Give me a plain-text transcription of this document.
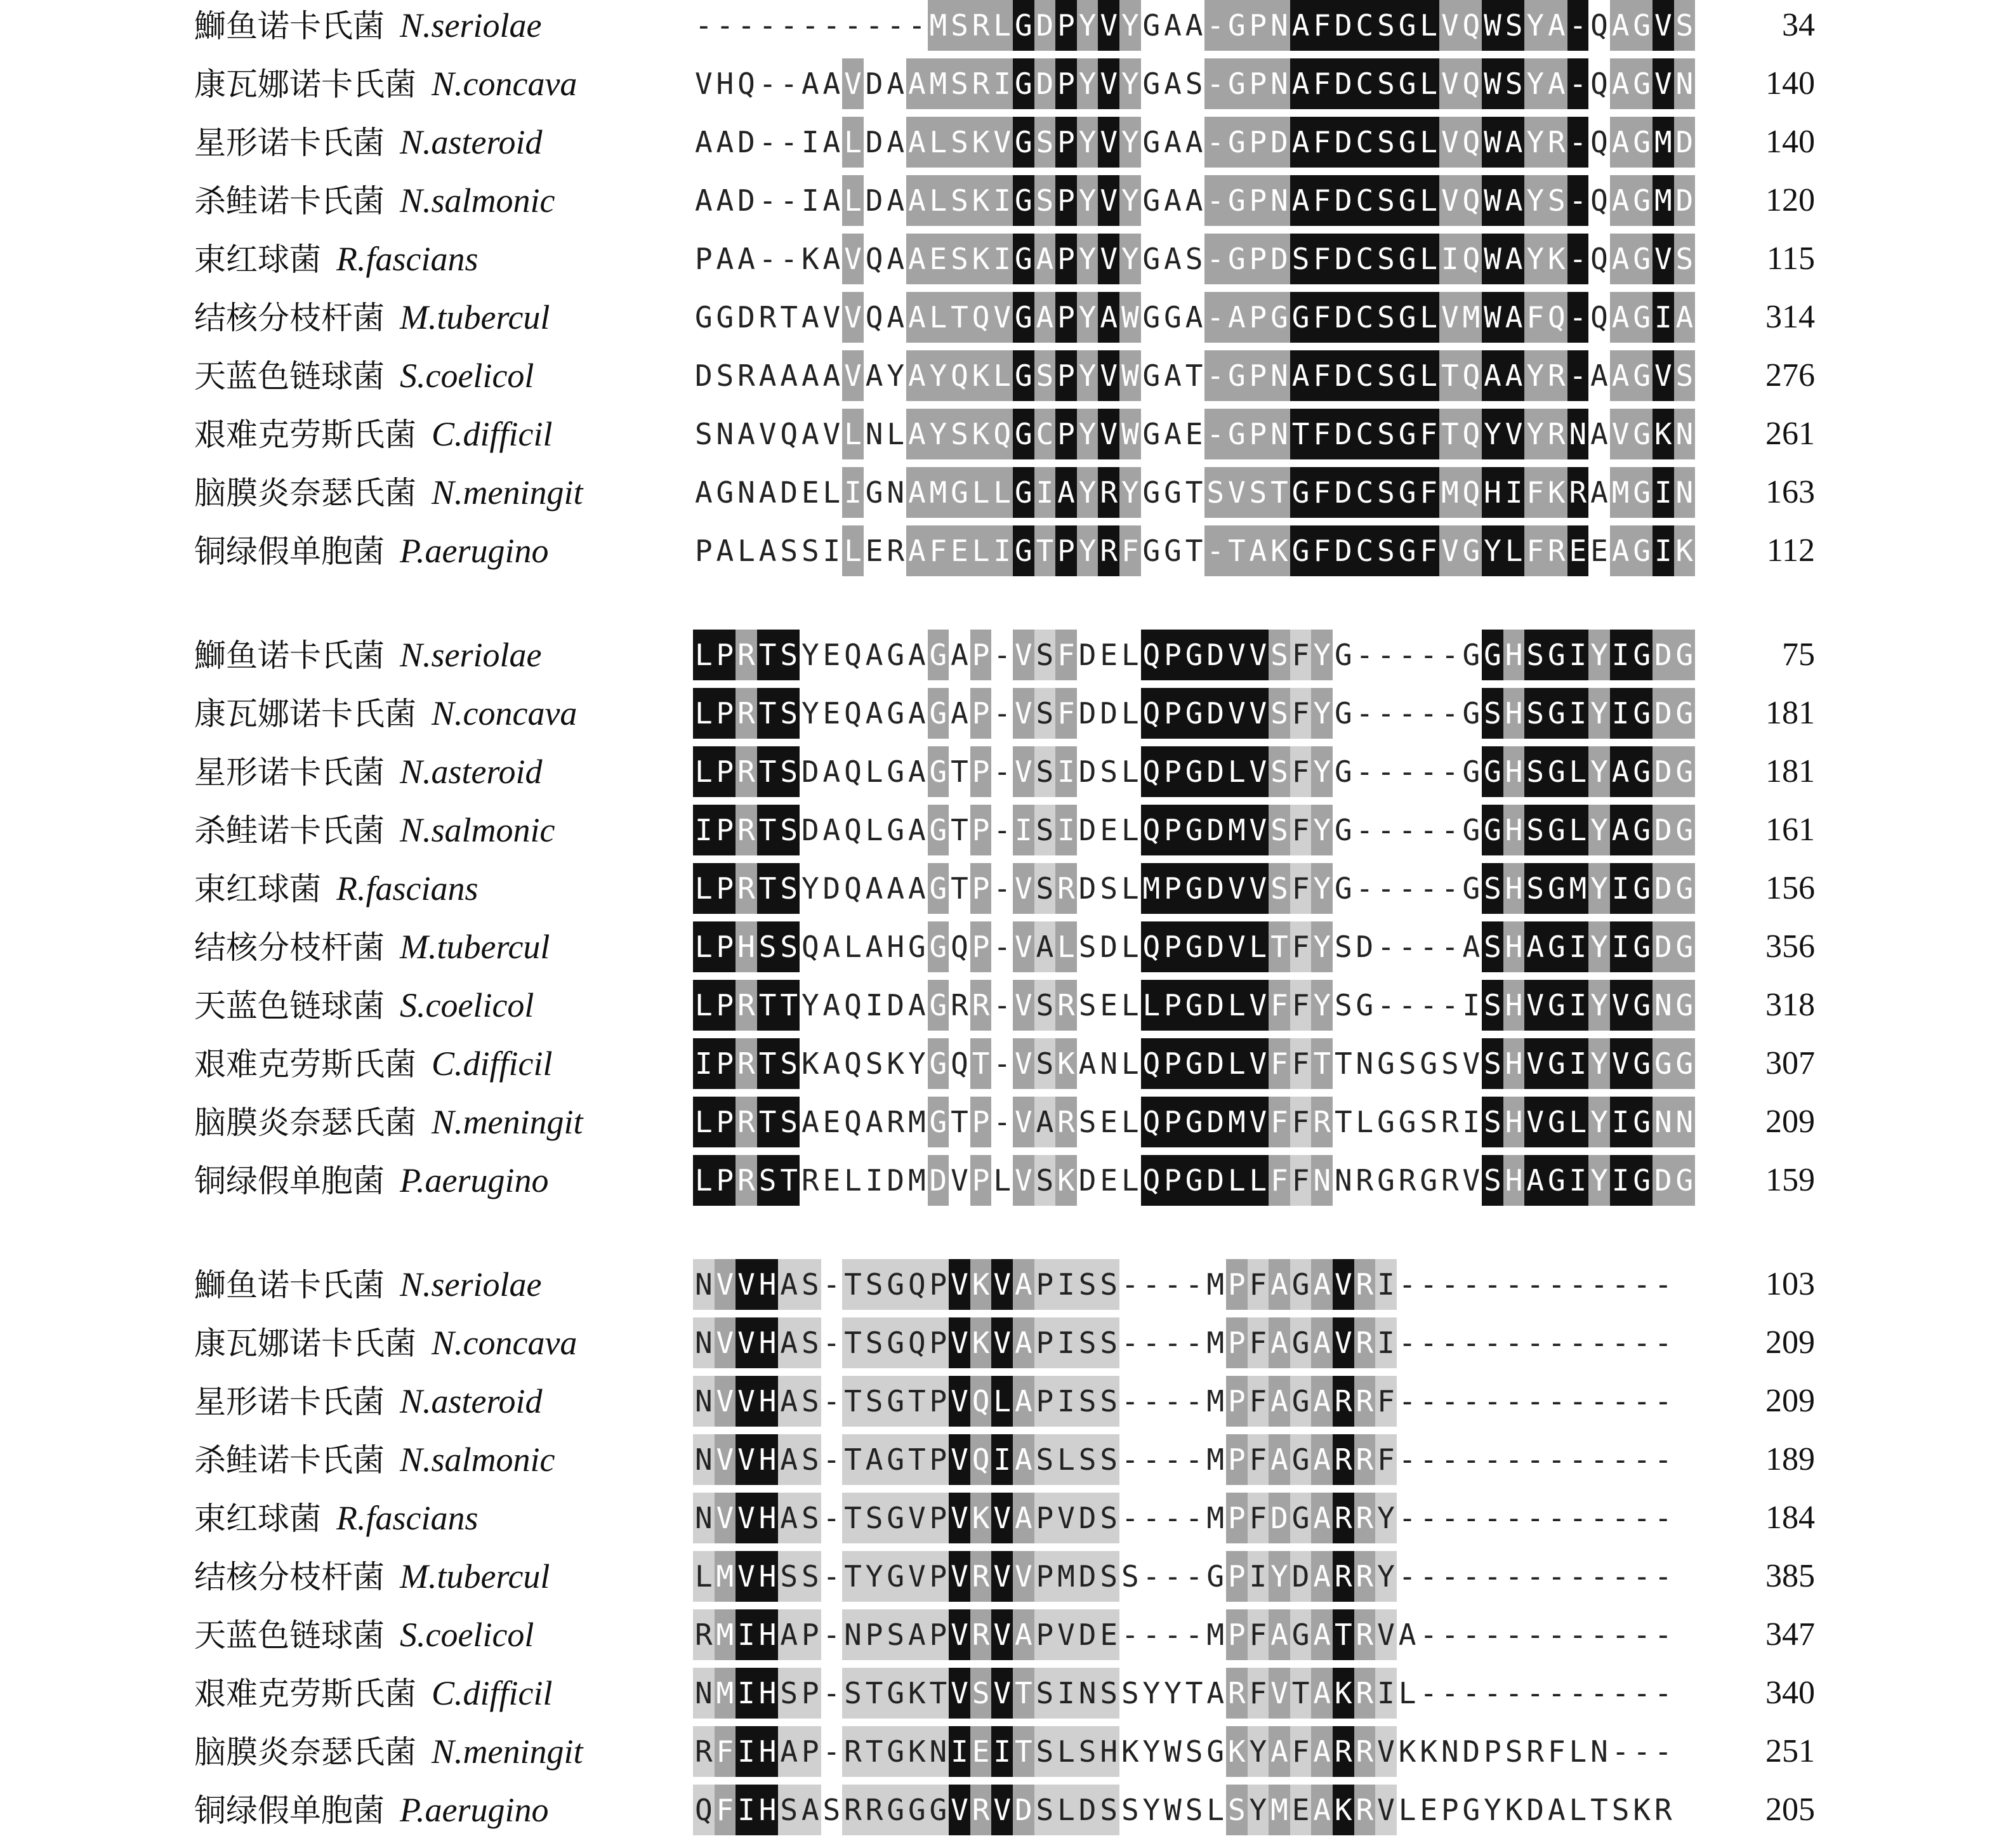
鰤鱼诺卡氏菌 N.seriolae	- - - - - - - - - - - M S R L G D P Y V Y G A A - G P N A F D C S G L V Q W S Y A - Q A G V S	34
康瓦娜诺卡氏菌 N.concava	V H Q - - A A V D A A M S R I G D P Y V Y G A S - G P N A F D C S G L V Q W S Y A - Q A G V N	140
星形诺卡氏菌 N.asteroid	A A D - - I A L D A A L S K V G S P Y V Y G A A - G P D A F D C S G L V Q W A Y R - Q A G M D	140
杀鲑诺卡氏菌 N.salmonic	A A D - - I A L D A A L S K I G S P Y V Y G A A - G P N A F D C S G L V Q W A Y S - Q A G M D	120
束红球菌 R.fascians	P A A - - K A V Q A A E S K I G A P Y V Y G A S - G P D S F D C S G L I Q W A Y K - Q A G V S	115
结核分枝杆菌 M.tubercul	G G D R T A V V Q A A L T Q V G A P Y A W G G A - A P G G F D C S G L V M W A F Q - Q A G I A	314
天蓝色链球菌 S.coelicol	D S R A A A A V A Y A Y Q K L G S P Y V W G A T - G P N A F D C S G L T Q A A Y R - A A G V S	276
艰难克劳斯氏菌 C.difficil	S N A V Q A V L N L A Y S K Q G C P Y V W G A E - G P N T F D C S G F T Q Y V Y R N A V G K N	261
脑膜炎奈瑟氏菌 N.meningit	A G N A D E L I G N A M G L L G I A Y R Y G G T S V S T G F D C S G F M Q H I F K R A M G I N	163
铜绿假单胞菌 P.aerugino	P A L A S S I L E R A F E L I G T P Y R F G G T - T A K G F D C S G F V G Y L F R E E A G I K	112
鰤鱼诺卡氏菌 N.seriolae	L P R T S Y E Q A G A G A P - V S F D E L Q P G D V V S F Y G - - - - - G G H S G I Y I G D G	75
康瓦娜诺卡氏菌 N.concava	L P R T S Y E Q A G A G A P - V S F D D L Q P G D V V S F Y G - - - - - G S H S G I Y I G D G	181
星形诺卡氏菌 N.asteroid	L P R T S D A Q L G A G T P - V S I D S L Q P G D L V S F Y G - - - - - G G H S G L Y A G D G	181
杀鲑诺卡氏菌 N.salmonic	I P R T S D A Q L G A G T P - I S I D E L Q P G D M V S F Y G - - - - - G G H S G L Y A G D G	161
束红球菌 R.fascians	L P R T S Y D Q A A A G T P - V S R D S L M P G D V V S F Y G - - - - - G S H S G M Y I G D G	156
结核分枝杆菌 M.tubercul	L P H S S Q A L A H G G Q P - V A L S D L Q P G D V L T F Y S D - - - - A S H A G I Y I G D G	356
天蓝色链球菌 S.coelicol	L P R T T Y A Q I D A G R R - V S R S E L L P G D L V F F Y S G - - - - I S H V G I Y V G N G	318
艰难克劳斯氏菌 C.difficil	I P R T S K A Q S K Y G Q T - V S K A N L Q P G D L V F F T T N G S G S V S H V G I Y V G G G	307
脑膜炎奈瑟氏菌 N.meningit	L P R T S A E Q A R M G T P - V A R S E L Q P G D M V F F R T L G G S R I S H V G L Y I G N N	209
铜绿假单胞菌 P.aerugino	L P R S T R E L I D M D V P L V S K D E L Q P G D L L F F N N R G R G R V S H A G I Y I G D G	159
鰤鱼诺卡氏菌 N.seriolae	N V V H A S - T S G Q P V K V A P I S S - - - - M P F A G A V R I - - - - - - - - - - - - -	103
康瓦娜诺卡氏菌 N.concava	N V V H A S - T S G Q P V K V A P I S S - - - - M P F A G A V R I - - - - - - - - - - - - -	209
星形诺卡氏菌 N.asteroid	N V V H A S - T S G T P V Q L A P I S S - - - - M P F A G A R R F - - - - - - - - - - - - -	209
杀鲑诺卡氏菌 N.salmonic	N V V H A S - T A G T P V Q I A S L S S - - - - M P F A G A R R F - - - - - - - - - - - - -	189
束红球菌 R.fascians	N V V H A S - T S G V P V K V A P V D S - - - - M P F D G A R R Y - - - - - - - - - - - - -	184
结核分枝杆菌 M.tubercul	L M V H S S - T Y G V P V R V V P M D S S - - - G P I Y D A R R Y - - - - - - - - - - - - -	385
天蓝色链球菌 S.coelicol	R M I H A P - N P S A P V R V A P V D E - - - - M P F A G A T R V A - - - - - - - - - - - -	347
艰难克劳斯氏菌 C.difficil	N M I H S P - S T G K T V S V T S I N S S Y Y T A R F V T A K R I L - - - - - - - - - - - -	340
脑膜炎奈瑟氏菌 N.meningit	R F I H A P - R T G K N I E I T S L S H K Y W S G K Y A F A R R V K K N D P S R F L N - - -	251
铜绿假单胞菌 P.aerugino	Q F I H S A S R R G G G V R V D S L D S S Y W S L S Y M E A K R V L E P G Y K D A L T S K R	205
